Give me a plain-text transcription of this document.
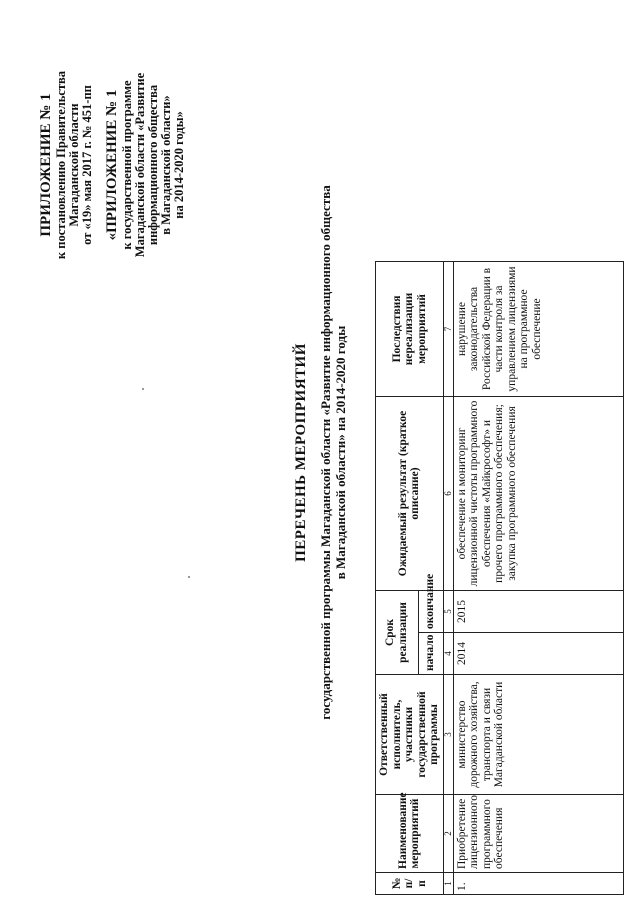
ПРИЛОЖЕНИЕ № 1 к постановлению Правительства Магаданской области от «19» мая 2017 г. № 451-пп «ПРИЛОЖЕНИЕ № 1 к государственной программе Магаданской области «Развитие информационного общества в Магаданской области» на 2014-2020 годы»
ПЕРЕЧЕНЬ МЕРОПРИЯТИЙ государственной программы Магаданской области «Развитие информационного общества в Магаданской области» на 2014-2020 годы
№ п/п	Наименование мероприятий	Ответственный исполнитель, участники государственной программы	Срок реализации		Ожидаемый результат (краткое описание)	Последствия нереализации мероприятий	
			начало	окончание			
1	2	3	4	5	6	7	
1.	Приобретение лицензионного программного обеспечения	министерство дорожного хозяйства, транспорта и связи Магаданской области	2014	2015	обеспечение и мониторинг лицензионной чистоты программного обеспечения «Майкрософт» и прочего программного обеспечения; закупка программного обеспечения	нарушение законодательства Российской Федерации в части контроля за управлением лицензиями на программное обеспечение	
